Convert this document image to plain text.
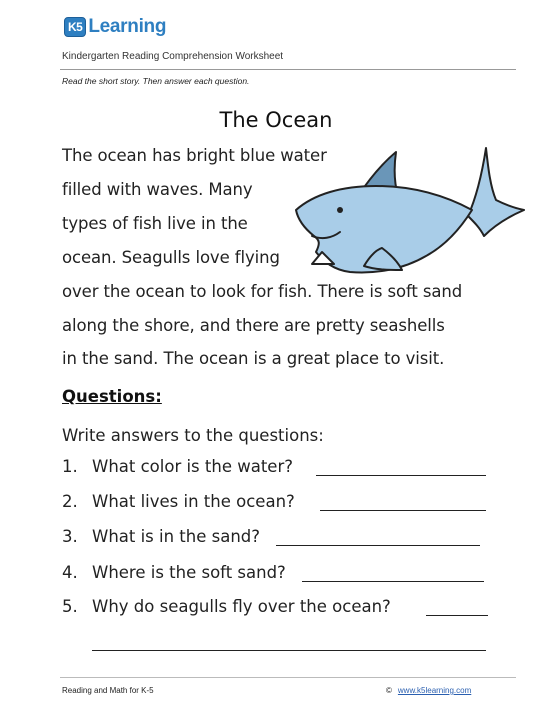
K5 Learning
Kindergarten Reading Comprehension Worksheet
Read the short story. Then answer each question.
The Ocean
The ocean has bright blue water
filled with waves. Many
types of fish live in the
ocean. Seagulls love flying
over the ocean to look for fish. There is soft sand
along the shore, and there are pretty seashells
in the sand. The ocean is a great place to visit.
Questions:
Write answers to the questions:
1. What color is the water?
2. What lives in the ocean?
3. What is in the sand?
4. Where is the soft sand?
5. Why do seagulls fly over the ocean?
Reading and Math for K-5	© www.k5learning.com
